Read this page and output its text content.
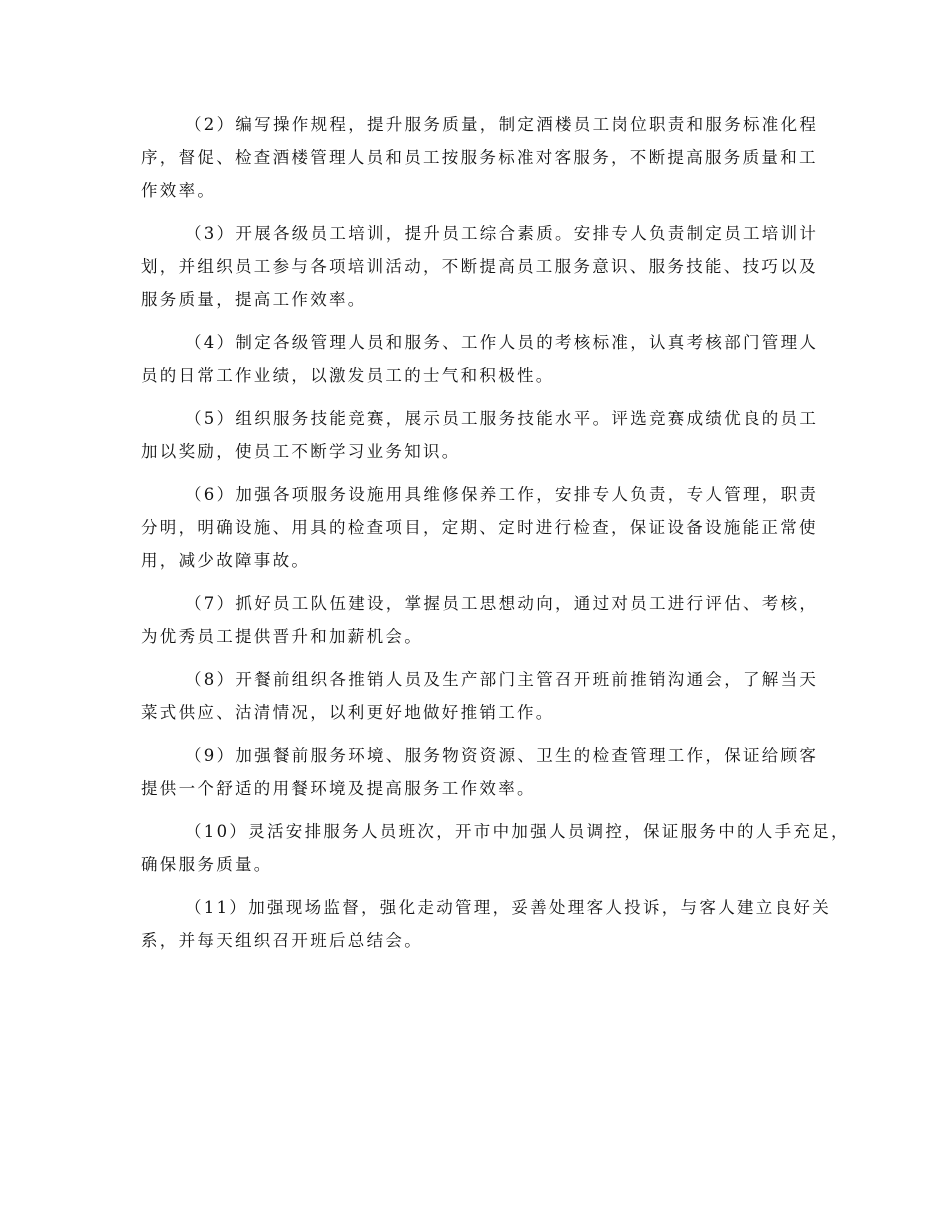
（2）编写操作规程，提升服务质量，制定酒楼员工岗位职责和服务标准化程
序，督促、检查酒楼管理人员和员工按服务标准对客服务，不断提高服务质量和工
作效率。
（3）开展各级员工培训，提升员工综合素质。安排专人负责制定员工培训计
划，并组织员工参与各项培训活动，不断提高员工服务意识、服务技能、技巧以及
服务质量，提高工作效率。
（4）制定各级管理人员和服务、工作人员的考核标准，认真考核部门管理人
员的日常工作业绩，以激发员工的士气和积极性。
（5）组织服务技能竞赛，展示员工服务技能水平。评选竞赛成绩优良的员工
加以奖励，使员工不断学习业务知识。
（6）加强各项服务设施用具维修保养工作，安排专人负责，专人管理，职责
分明，明确设施、用具的检查项目，定期、定时进行检查，保证设备设施能正常使
用，减少故障事故。
（7）抓好员工队伍建设，掌握员工思想动向，通过对员工进行评估、考核，
为优秀员工提供晋升和加薪机会。
（8）开餐前组织各推销人员及生产部门主管召开班前推销沟通会，了解当天
菜式供应、沽清情况，以利更好地做好推销工作。
（9）加强餐前服务环境、服务物资资源、卫生的检查管理工作，保证给顾客
提供一个舒适的用餐环境及提高服务工作效率。
（10）灵活安排服务人员班次，开市中加强人员调控，保证服务中的人手充足，
确保服务质量。
（11）加强现场监督，强化走动管理，妥善处理客人投诉，与客人建立良好关
系，并每天组织召开班后总结会。
